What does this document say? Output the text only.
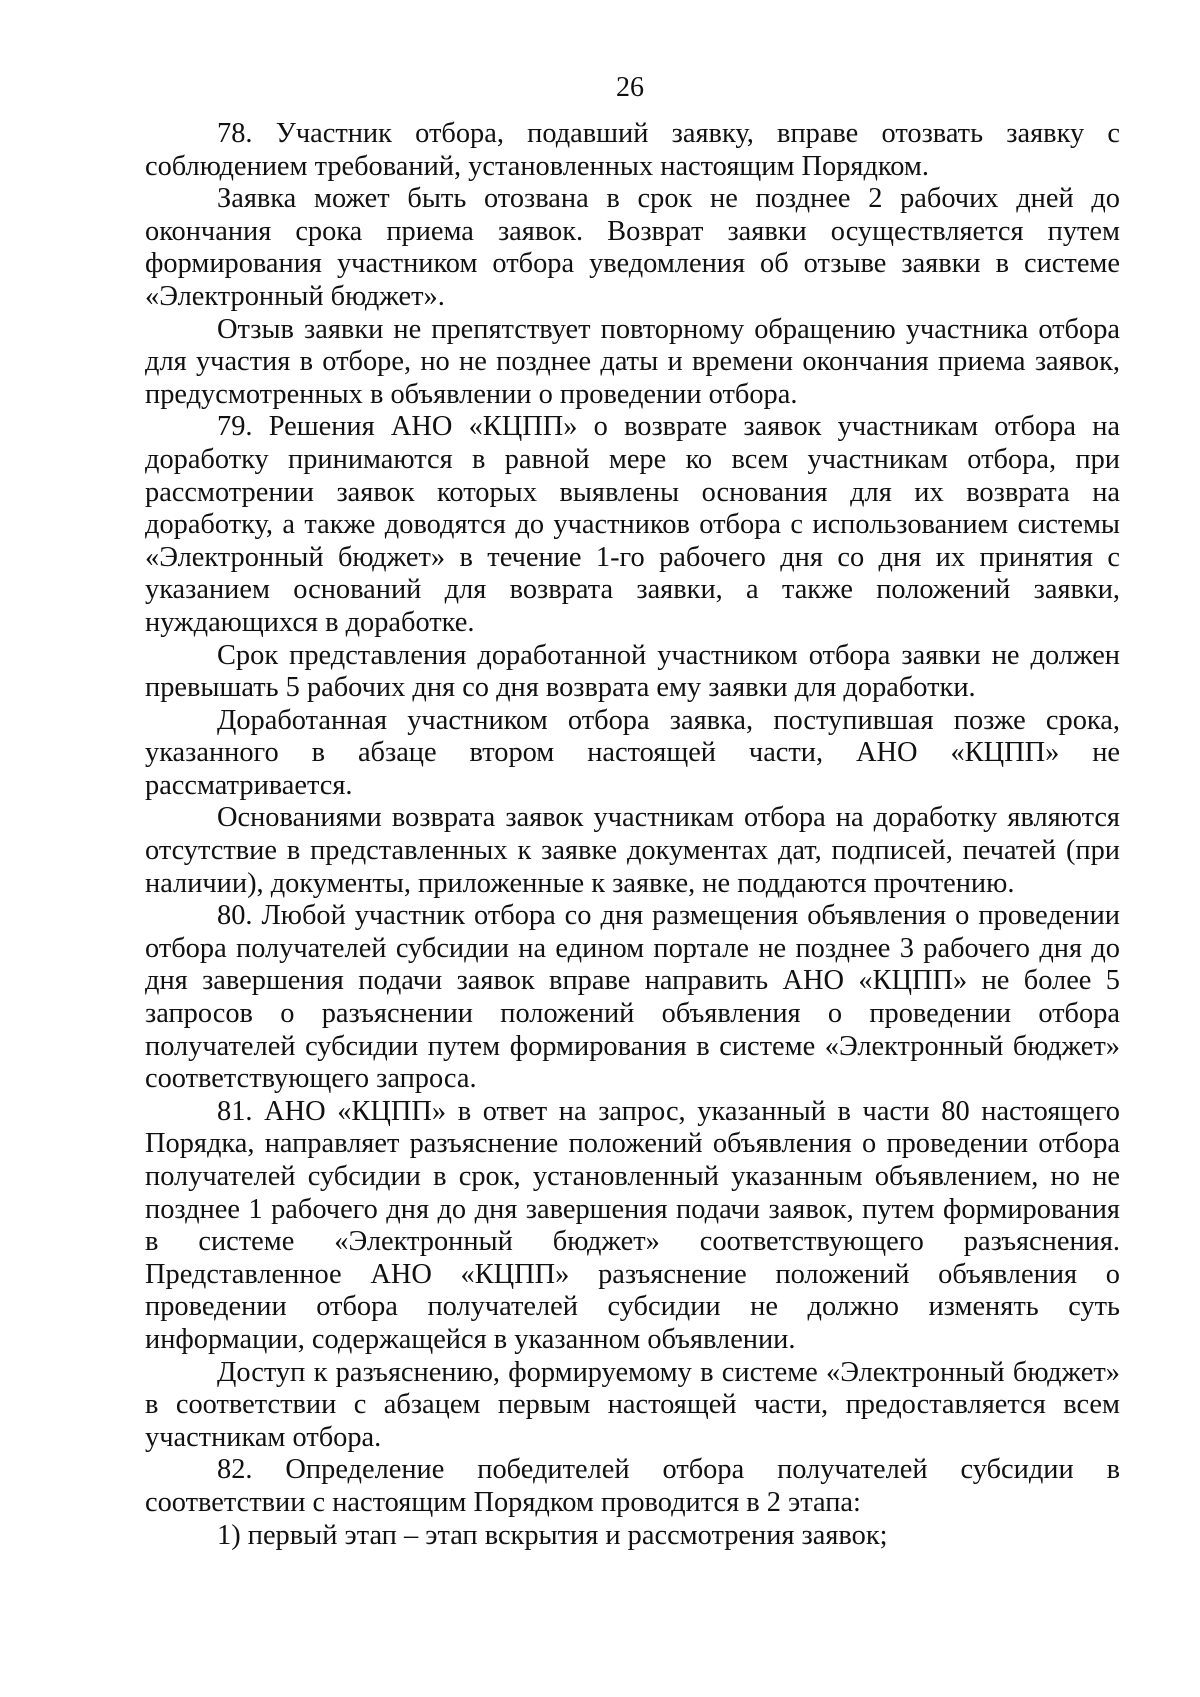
26

78. Участник отбора, подавший заявку, вправе отозвать заявку с соблюдением требований, установленных настоящим Порядком.

Заявка может быть отозвана в срок не позднее 2 рабочих дней до окончания срока приема заявок. Возврат заявки осуществляется путем формирования участником отбора уведомления об отзыве заявки в системе «Электронный бюджет».

Отзыв заявки не препятствует повторному обращению участника отбора для участия в отборе, но не позднее даты и времени окончания приема заявок, предусмотренных в объявлении о проведении отбора.

79. Решения АНО «КЦПП» о возврате заявок участникам отбора на доработку принимаются в равной мере ко всем участникам отбора, при рассмотрении заявок которых выявлены основания для их возврата на доработку, а также доводятся до участников отбора с использованием системы «Электронный бюджет» в течение 1-го рабочего дня со дня их принятия с указанием оснований для возврата заявки, а также положений заявки, нуждающихся в доработке.

Срок представления доработанной участником отбора заявки не должен превышать 5 рабочих дня со дня возврата ему заявки для доработки.

Доработанная участником отбора заявка, поступившая позже срока, указанного в абзаце втором настоящей части, АНО «КЦПП» не рассматривается.

Основаниями возврата заявок участникам отбора на доработку являются отсутствие в представленных к заявке документах дат, подписей, печатей (при наличии), документы, приложенные к заявке, не поддаются прочтению.

80. Любой участник отбора со дня размещения объявления о проведении отбора получателей субсидии на едином портале не позднее 3 рабочего дня до дня завершения подачи заявок вправе направить АНО «КЦПП» не более 5 запросов о разъяснении положений объявления о проведении отбора получателей субсидии путем формирования в системе «Электронный бюджет» соответствующего запроса.

81. АНО «КЦПП» в ответ на запрос, указанный в части 80 настоящего Порядка, направляет разъяснение положений объявления о проведении отбора получателей субсидии в срок, установленный указанным объявлением, но не позднее 1 рабочего дня до дня завершения подачи заявок, путем формирования в системе «Электронный бюджет» соответствующего разъяснения. Представленное АНО «КЦПП» разъяснение положений объявления о проведении отбора получателей субсидии не должно изменять суть информации, содержащейся в указанном объявлении.

Доступ к разъяснению, формируемому в системе «Электронный бюджет» в соответствии с абзацем первым настоящей части, предоставляется всем участникам отбора.

82. Определение победителей отбора получателей субсидии в соответствии с настоящим Порядком проводится в 2 этапа:

1) первый этап – этап вскрытия и рассмотрения заявок;
